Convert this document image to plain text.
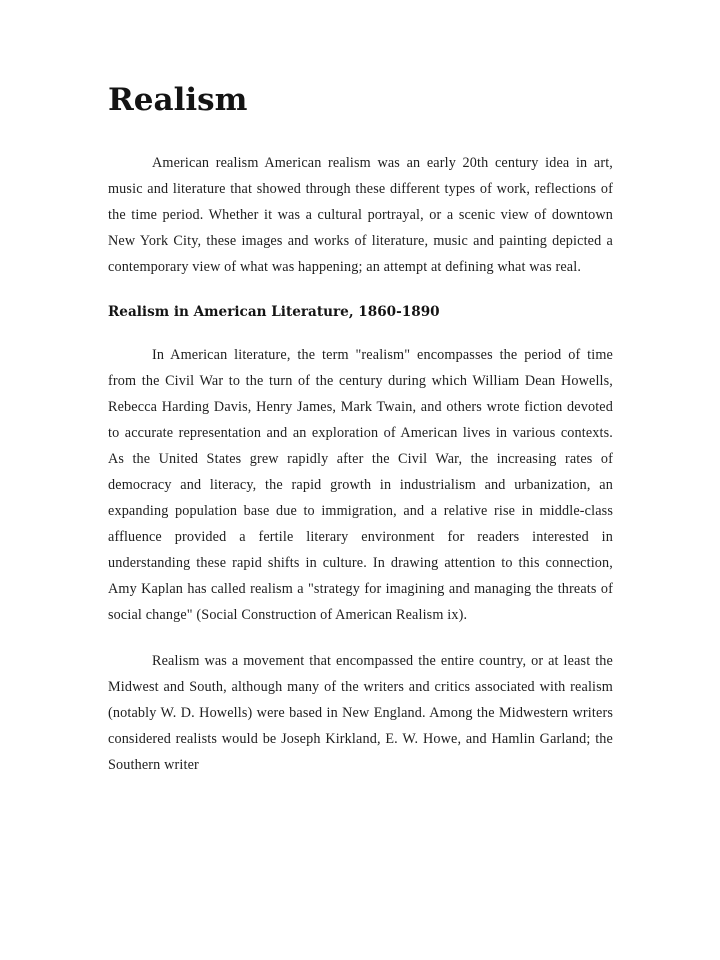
Realism

American realism American realism was an early 20th century idea in art, music and literature that showed through these different types of work, reflections of the time period. Whether it was a cultural portrayal, or a scenic view of downtown New York City, these images and works of literature, music and painting depicted a contemporary view of what was happening; an attempt at defining what was real.

Realism in American Literature, 1860-1890

In American literature, the term "realism" encompasses the period of time from the Civil War to the turn of the century during which William Dean Howells, Rebecca Harding Davis, Henry James, Mark Twain, and others wrote fiction devoted to accurate representation and an exploration of American lives in various contexts. As the United States grew rapidly after the Civil War, the increasing rates of democracy and literacy, the rapid growth in industrialism and urbanization, an expanding population base due to immigration, and a relative rise in middle-class affluence provided a fertile literary environment for readers interested in understanding these rapid shifts in culture. In drawing attention to this connection, Amy Kaplan has called realism a "strategy for imagining and managing the threats of social change" (Social Construction of American Realism ix).

Realism was a movement that encompassed the entire country, or at least the Midwest and South, although many of the writers and critics associated with realism (notably W. D. Howells) were based in New England. Among the Midwestern writers considered realists would be Joseph Kirkland, E. W. Howe, and Hamlin Garland; the Southern writer
